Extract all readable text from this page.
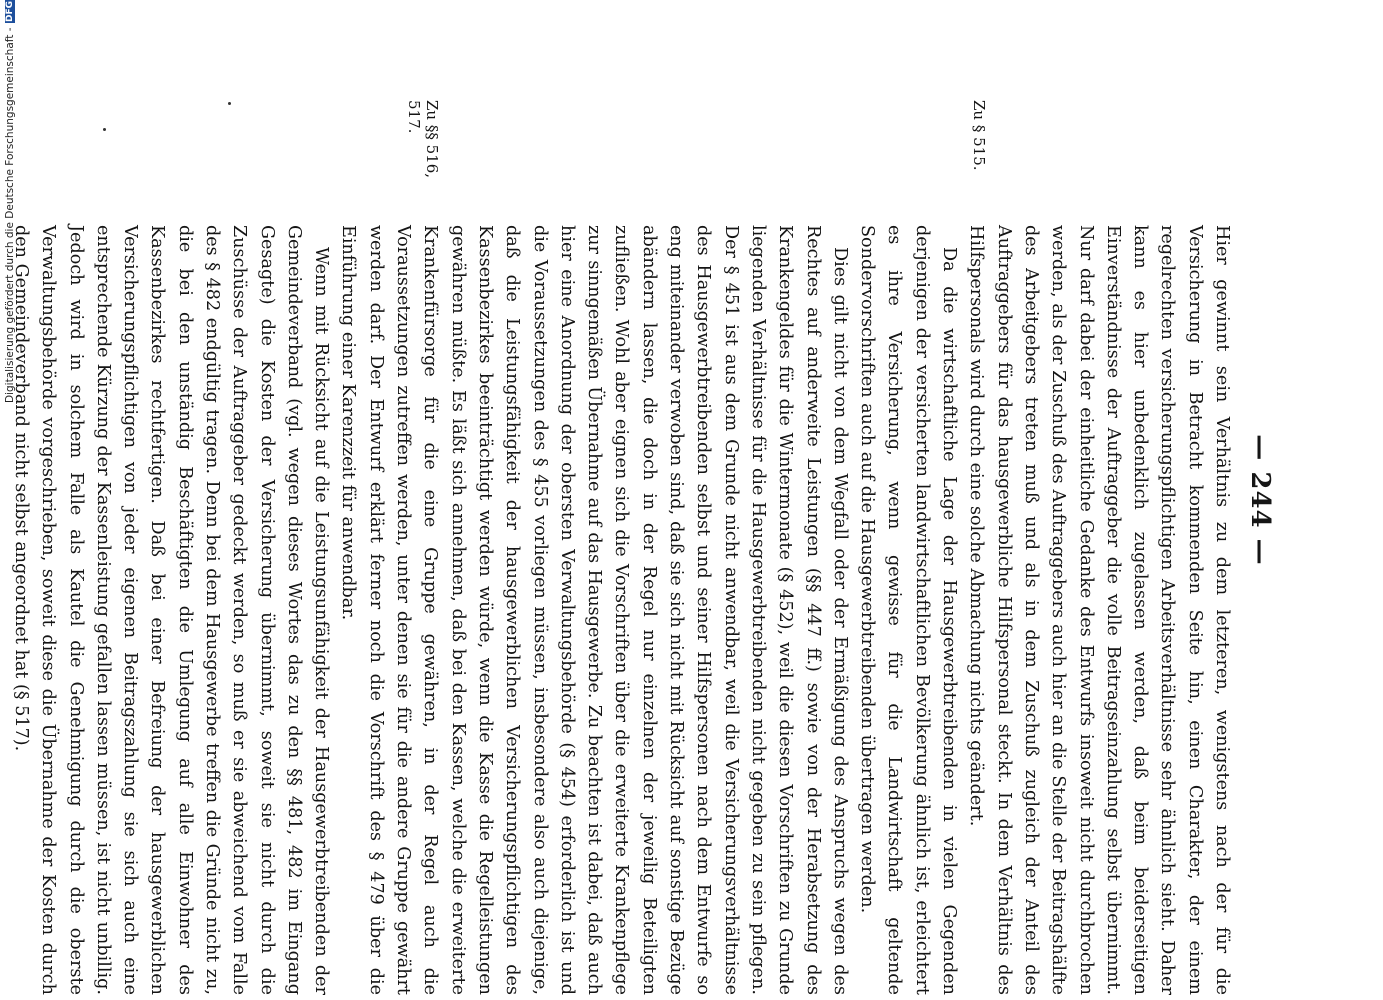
— 244 —
Zu § 515.
Zu §§ 516, 517.

Hier gewinnt sein Verhältnis zu dem letzteren, wenigstens nach der für die Versicherung in Betracht kommenden Seite hin, einen Charakter, der einem regelrechten versicherungspflichtigen Arbeitsverhältnisse sehr ähnlich sieht. Daher kann es hier unbedenklich zugelassen werden, daß beim beiderseitigen Einverständnisse der Auftraggeber die volle Beitragseinzahlung selbst übernimmt. Nur darf dabei der einheitliche Gedanke des Entwurfs insoweit nicht durchbrochen werden, als der Zuschuß des Auftraggebers auch hier an die Stelle der Beitragshälfte des Arbeitgebers treten muß und als in dem Zuschuß zugleich der Anteil des Auftraggebers für das hausgewerbliche Hilfspersonal steckt. In dem Verhältnis des Hilfspersonals wird durch eine solche Abmachung nichts geändert.

Da die wirtschaftliche Lage der Hausgewerbtreibenden in vielen Gegenden derjenigen der versicherten landwirtschaftlichen Bevölkerung ähnlich ist, erleichtert es ihre Versicherung, wenn gewisse für die Landwirtschaft geltende Sondervorschriften auch auf die Hausgewerbtreibenden übertragen werden.

Dies gilt nicht von dem Wegfall oder der Ermäßigung des Anspruchs wegen des Rechtes auf anderweite Leistungen (§§ 447 ff.) sowie von der Herabsetzung des Krankengeldes für die Wintermonate (§ 452), weil die diesen Vorschriften zu Grunde liegenden Verhältnisse für die Hausgewerbtreibenden nicht gegeben zu sein pflegen. Der § 451 ist aus dem Grunde nicht anwendbar, weil die Versicherungsverhältnisse des Hausgewerbtreibenden selbst und seiner Hilfspersonen nach dem Entwurfe so eng miteinander verwoben sind, daß sie sich nicht mit Rücksicht auf sonstige Bezüge abändern lassen, die doch in der Regel nur einzelnen der jeweilig Beteiligten zufließen. Wohl aber eignen sich die Vorschriften über die erweiterte Krankenpflege zur sinngemäßen Übernahme auf das Hausgewerbe. Zu beachten ist dabei, daß auch hier eine Anordnung der obersten Verwaltungsbehörde (§ 454) erforderlich ist und die Voraussetzungen des § 455 vorliegen müssen, insbesondere also auch diejenige, daß die Leistungsfähigkeit der hausgewerblichen Versicherungspflichtigen des Kassenbezirkes beeinträchtigt werden würde, wenn die Kasse die Regelleistungen gewähren müßte. Es läßt sich annehmen, daß bei den Kassen, welche die erweiterte Krankenfürsorge für die eine Gruppe gewähren, in der Regel auch die Voraussetzungen zutreffen werden, unter denen sie für die andere Gruppe gewährt werden darf. Der Entwurf erklärt ferner noch die Vorschrift des § 479 über die Einführung einer Karenzzeit für anwendbar.

Wenn mit Rücksicht auf die Leistungsunfähigkeit der Hausgewerbtreibenden der Gemeindeverband (vgl. wegen dieses Wortes das zu den §§ 481, 482 im Eingang Gesagte) die Kosten der Versicherung übernimmt, soweit sie nicht durch die Zuschüsse der Auftraggeber gedeckt werden, so muß er sie abweichend vom Falle des § 482 endgültig tragen. Denn bei dem Hausgewerbe treffen die Gründe nicht zu, die bei den unständig Beschäftigten die Umlegung auf alle Einwohner des Kassenbezirkes rechtfertigen. Daß bei einer Befreiung der hausgewerblichen Versicherungspflichtigen von jeder eigenen Beitragszahlung sie sich auch eine entsprechende Kürzung der Kassenleistung gefallen lassen müssen, ist nicht unbillig. Jedoch wird in solchem Falle als Kautel die Genehmigung durch die oberste Verwaltungsbehörde vorgeschrieben, soweit diese die Übernahme der Kosten durch den Gemeindeverband nicht selbst angeordnet hat (§ 517).

Digitalisierung gefördert durch die Deutsche Forschungsgemeinschaft -
DFG
